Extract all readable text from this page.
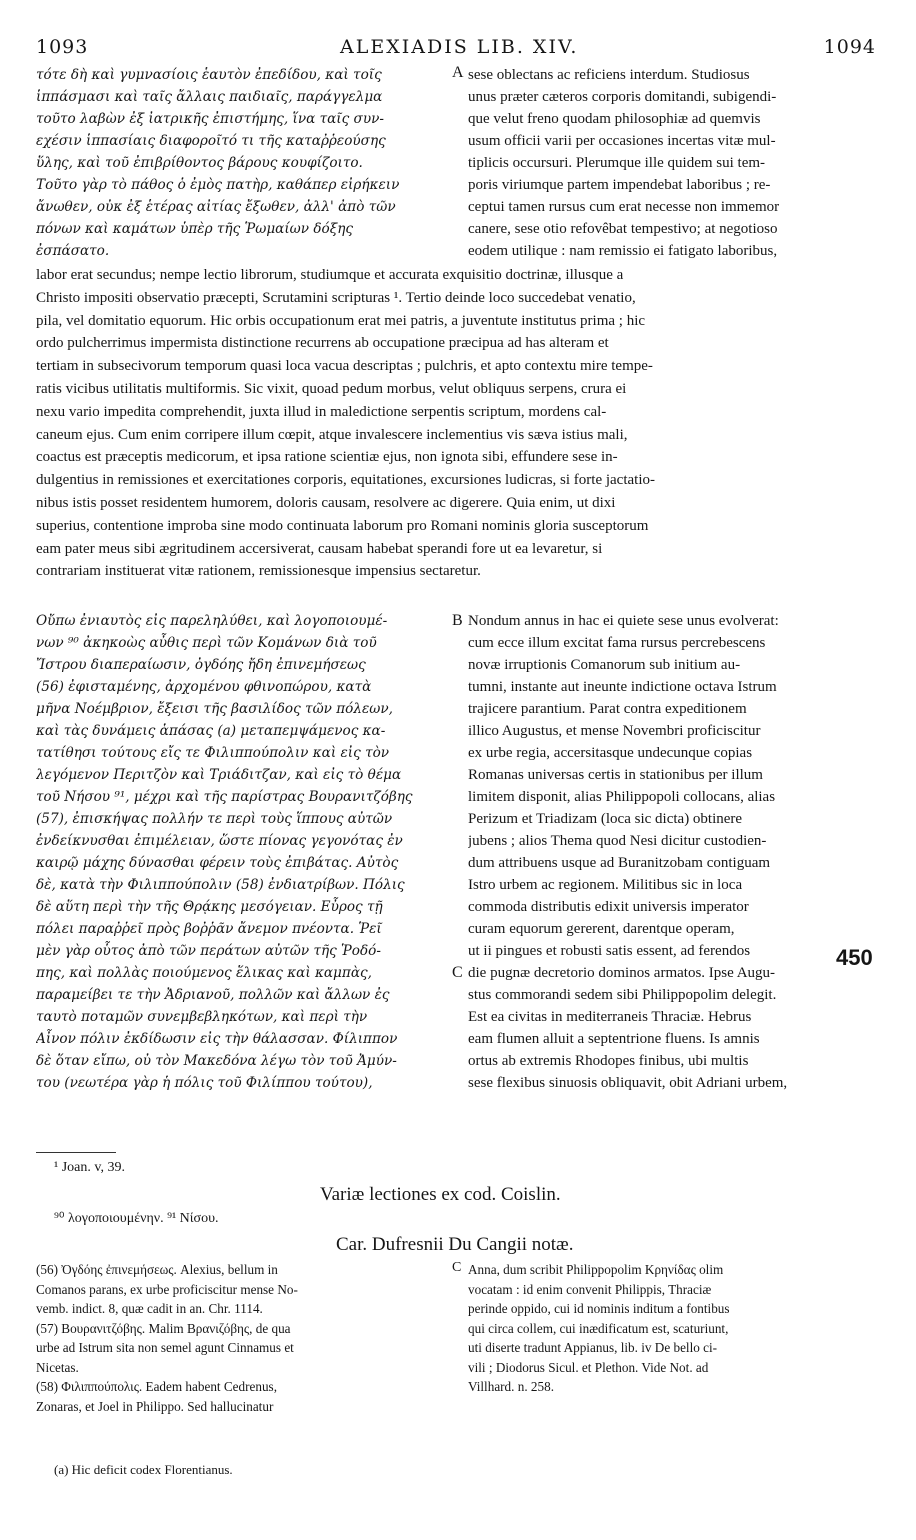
1093	ALEXIADIS LIB. XIV.	1094
τότε δὴ καὶ γυμνασίοις ἑαυτὸν ἐπεδίδου, καὶ τοῖς
ἱππάσμασι καὶ ταῖς ἄλλαις παιδιαῖς, παράγγελμα
τοῦτο λαβὼν ἐξ ἰατρικῆς ἐπιστήμης, ἵνα ταῖς συν-
εχέσιν ἱππασίαις διαφοροῖτό τι τῆς καταῤῥεούσης
ὕλης, καὶ τοῦ ἐπιβρίθοντος βάρους κουφίζοιτο.
Τοῦτο γὰρ τὸ πάθος ὁ ἐμὸς πατὴρ, καθάπερ εἰρήκειν
ἄνωθεν, οὐκ ἐξ ἑτέρας αἰτίας ἔξωθεν, ἀλλ' ἀπὸ τῶν
πόνων καὶ καμάτων ὑπὲρ τῆς Ῥωμαίων δόξης
ἐσπάσατο.
sese oblectans ac reficiens interdum. Studiosus
unus præter cæteros corporis domitandi, subigendi-
que velut freno quodam philosophiæ ad quemvis
usum officii varii per occasiones incertas vitæ mul-
tiplicis occursuri. Plerumque ille quidem sui tem-
poris viriumque partem impendebat laboribus ; re-
ceptui tamen rursus cum erat necesse non immemor
canere, sese otio refovêbat tempestivo; at negotioso
eodem utilique : nam remissio ei fatigato laboribus,
A
labor erat secundus; nempe lectio librorum, studiumque et accurata exquisitio doctrinæ, illusque a
Christo impositi observatio præcepti, Scrutamini scripturas ¹. Tertio deinde loco succedebat venatio,
pila, vel domitatio equorum. Hic orbis occupationum erat mei patris, a juventute institutus prima ; hic
ordo pulcherrimus impermista distinctione recurrens ab occupatione præcipua ad has alteram et
tertiam in subsecivorum temporum quasi loca vacua descriptas ; pulchris, et apto contextu mire tempe-
ratis vicibus utilitatis multiformis. Sic vixit, quoad pedum morbus, velut obliquus serpens, crura ei
nexu vario impedita comprehendit, juxta illud in maledictione serpentis scriptum, mordens cal-
caneum ejus. Cum enim corripere illum cœpit, atque invalescere inclementius vis sæva istius mali,
coactus est præceptis medicorum, et ipsa ratione scientiæ ejus, non ignota sibi, effundere sese in-
dulgentius in remissiones et exercitationes corporis, equitationes, excursiones ludicras, si forte jactatio-
nibus istis posset residentem humorem, doloris causam, resolvere ac digerere. Quia enim, ut dixi
superius, contentione improba sine modo continuata laborum pro Romani nominis gloria susceptorum
eam pater meus sibi ægritudinem accersiverat, causam habebat sperandi fore ut ea levaretur, si
contrariam instituerat vitæ rationem, remissionesque impensius sectaretur.
Οὔπω ἐνιαυτὸς εἰς παρεληλύθει, καὶ λογοποιουμέ-
νων ⁹⁰ ἀκηκοὼς αὖθις περὶ τῶν Κομάνων διὰ τοῦ
Ἴστρου διαπεραίωσιν, ὀγδόης ἤδη ἐπινεμήσεως
(56) ἐφισταμένης, ἀρχομένου φθινοπώρου, κατὰ
μῆνα Νοέμβριον, ἔξεισι τῆς βασιλίδος τῶν πόλεων,
καὶ τὰς δυνάμεις ἁπάσας (a) μεταπεμψάμενος κα-
τατίθησι τούτους εἴς τε Φιλιππούπολιν καὶ εἰς τὸν
λεγόμενον Περιτζὸν καὶ Τριάδιτζαν, καὶ εἰς τὸ θέμα
τοῦ Νήσου ⁹¹, μέχρι καὶ τῆς παρίστρας Βουρανιτζόβης
(57), ἐπισκήψας πολλήν τε περὶ τοὺς ἵππους αὐτῶν
ἐνδείκνυσθαι ἐπιμέλειαν, ὥστε πίονας γεγονότας ἐν
καιρῷ μάχης δύνασθαι φέρειν τοὺς ἐπιβάτας. Αὐτὸς
δὲ, κατὰ τὴν Φιλιππούπολιν (58) ἐνδιατρίβων. Πόλις
δὲ αὕτη περὶ τὴν τῆς Θρᾴκης μεσόγειαν. Εὖρος τῇ
πόλει παραῤῥεῖ πρὸς βοῤῥᾶν ἄνεμον πνέοντα. Ῥεῖ
μὲν γὰρ οὗτος ἀπὸ τῶν περάτων αὐτῶν τῆς Ῥοδό-
πης, καὶ πολλὰς ποιούμενος ἕλικας καὶ καμπὰς,
παραμείβει τε τὴν Ἀδριανοῦ, πολλῶν καὶ ἄλλων ἐς
ταυτὸ ποταμῶν συνεμβεβληκότων, καὶ περὶ τὴν
Αἶνον πόλιν ἐκδίδωσιν εἰς τὴν θάλασσαν. Φίλιππον
δὲ ὅταν εἴπω, οὐ τὸν Μακεδόνα λέγω τὸν τοῦ Ἀμύν-
του (νεωτέρα γὰρ ἡ πόλις τοῦ Φιλίππου τούτου),
Nondum annus in hac ei quiete sese unus evolverat:
cum ecce illum excitat fama rursus percrebescens
novæ irruptionis Comanorum sub initium au-
tumni, instante aut ineunte indictione octava Istrum
trajicere parantium. Parat contra expeditionem
illico Augustus, et mense Novembri proficiscitur
ex urbe regia, accersitasque undecunque copias
Romanas universas certis in stationibus per illum
limitem disponit, alias Philippopoli collocans, alias
Perizum et Triadizam (loca sic dicta) obtinere
jubens ; alios Thema quod Nesi dicitur custodien-
dum attribuens usque ad Buranitzobam contiguam
Istro urbem ac regionem. Militibus sic in loca
commoda distributis edixit universis imperator
curam equorum gererent, darentque operam,
ut ii pingues et robusti satis essent, ad ferendos
die pugnæ decretorio dominos armatos. Ipse Augu-
stus commorandi sedem sibi Philippopolim delegit.
Est ea civitas in mediterraneis Thraciæ. Hebrus
eam flumen alluit a septentrione fluens. Is amnis
ortus ab extremis Rhodopes finibus, ubi multis
sese flexibus sinuosis obliquavit, obit Adriani urbem,
B
C
450
¹ Joan. v, 39.
Variæ lectiones ex cod. Coislin.
⁹⁰ λογοποιουμένην. ⁹¹ Νίσου.
Car. Dufresnii Du Cangii notæ.
(56) Ὀγδόης ἐπινεμήσεως. Alexius, bellum in
Comanos parans, ex urbe proficiscitur mense No-
vemb. indict. 8, quæ cadit in an. Chr. 1114.
(57) Βουρανιτζόβης. Malim Βρανιζόβης, de qua
urbe ad Istrum sita non semel agunt Cinnamus et
Nicetas.
(58) Φιλιππούπολις. Eadem habent Cedrenus,
Zonaras, et Joel in Philippo. Sed hallucinatur
C Anna, dum scribit Philippopolim Κρηνίδας olim
vocatam : id enim convenit Philippis, Thraciæ
perinde oppido, cui id nominis inditum a fontibus
qui circa collem, cui inædificatum est, scaturiunt,
uti diserte tradunt Appianus, lib. iv De bello ci-
vili ; Diodorus Sicul. et Plethon. Vide Not. ad
Villhard. n. 258.
(a) Hic deficit codex Florentianus.
